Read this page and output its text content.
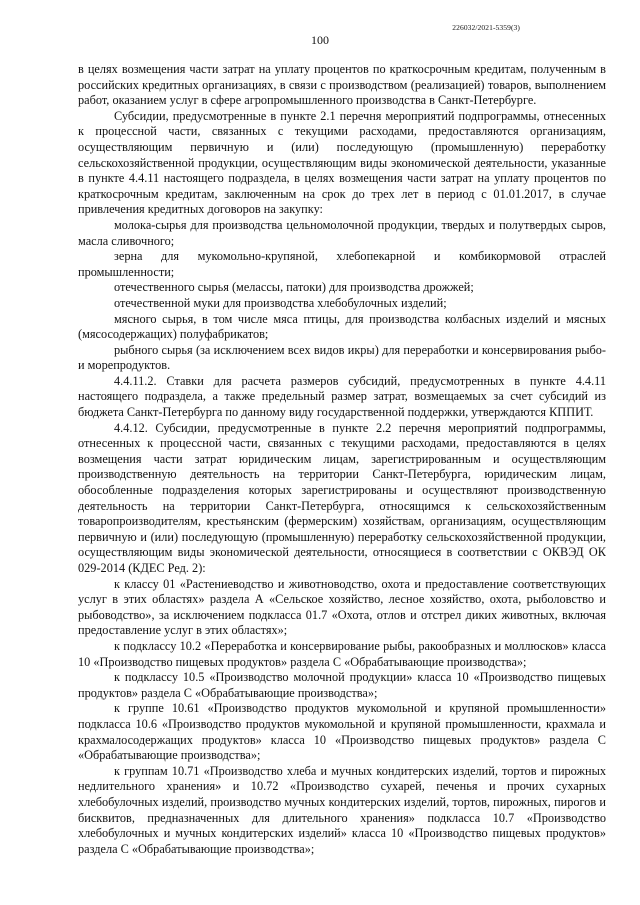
226032/2021-5359(3)
100

в целях возмещения части затрат на уплату процентов по краткосрочным кредитам, полученным в российских кредитных организациях, в связи с производством (реализацией) товаров, выполнением работ, оказанием услуг в сфере агропромышленного производства в Санкт-Петербурге.

Субсидии, предусмотренные в пункте 2.1 перечня мероприятий подпрограммы, отнесенных к процессной части, связанных с текущими расходами, предоставляются организациям, осуществляющим первичную и (или) последующую (промышленную) переработку сельскохозяйственной продукции, осуществляющим виды экономической деятельности, указанные в пункте 4.4.11 настоящего подраздела, в целях возмещения части затрат на уплату процентов по краткосрочным кредитам, заключенным на срок до трех лет в период с 01.01.2017, в случае привлечения кредитных договоров на закупку:

молока-сырья для производства цельномолочной продукции, твердых и полутвердых сыров, масла сливочного;

зерна для мукомольно-крупяной, хлебопекарной и комбикормовой отраслей промышленности;

отечественного сырья (мелассы, патоки) для производства дрожжей;

отечественной муки для производства хлебобулочных изделий;

мясного сырья, в том числе мяса птицы, для производства колбасных изделий и мясных (мясосодержащих) полуфабрикатов;

рыбного сырья (за исключением всех видов икры) для переработки и консервирования рыбо- и морепродуктов.

4.4.11.2. Ставки для расчета размеров субсидий, предусмотренных в пункте 4.4.11 настоящего подраздела, а также предельный размер затрат, возмещаемых за счет субсидий из бюджета Санкт-Петербурга по данному виду государственной поддержки, утверждаются КППИТ.

4.4.12. Субсидии, предусмотренные в пункте 2.2 перечня мероприятий подпрограммы, отнесенных к процессной части, связанных с текущими расходами, предоставляются в целях возмещения части затрат юридическим лицам, зарегистрированным и осуществляющим производственную деятельность на территории Санкт-Петербурга, юридическим лицам, обособленные подразделения которых зарегистрированы и осуществляют производственную деятельность на территории Санкт-Петербурга, относящимся к сельскохозяйственным товаропроизводителям, крестьянским (фермерским) хозяйствам, организациям, осуществляющим первичную и (или) последующую (промышленную) переработку сельскохозяйственной продукции, осуществляющим виды экономической деятельности, относящиеся в соответствии с ОКВЭД ОК 029-2014 (КДЕС Ред. 2):

к классу 01 «Растениеводство и животноводство, охота и предоставление соответствующих услуг в этих областях» раздела А «Сельское хозяйство, лесное хозяйство, охота, рыболовство и рыбоводство», за исключением подкласса 01.7 «Охота, отлов и отстрел диких животных, включая предоставление услуг в этих областях»;

к подклассу 10.2 «Переработка и консервирование рыбы, ракообразных и моллюсков» класса 10 «Производство пищевых продуктов» раздела С «Обрабатывающие производства»;

к подклассу 10.5 «Производство молочной продукции» класса 10 «Производство пищевых продуктов» раздела С «Обрабатывающие производства»;

к группе 10.61 «Производство продуктов мукомольной и крупяной промышленности» подкласса 10.6 «Производство продуктов мукомольной и крупяной промышленности, крахмала и крахмалосодержащих продуктов» класса 10 «Производство пищевых продуктов» раздела С «Обрабатывающие производства»;

к группам 10.71 «Производство хлеба и мучных кондитерских изделий, тортов и пирожных недлительного хранения» и 10.72 «Производство сухарей, печенья и прочих сухарных хлебобулочных изделий, производство мучных кондитерских изделий, тортов, пирожных, пирогов и бисквитов, предназначенных для длительного хранения» подкласса 10.7 «Производство хлебобулочных и мучных кондитерских изделий» класса 10 «Производство пищевых продуктов» раздела С «Обрабатывающие производства»;
